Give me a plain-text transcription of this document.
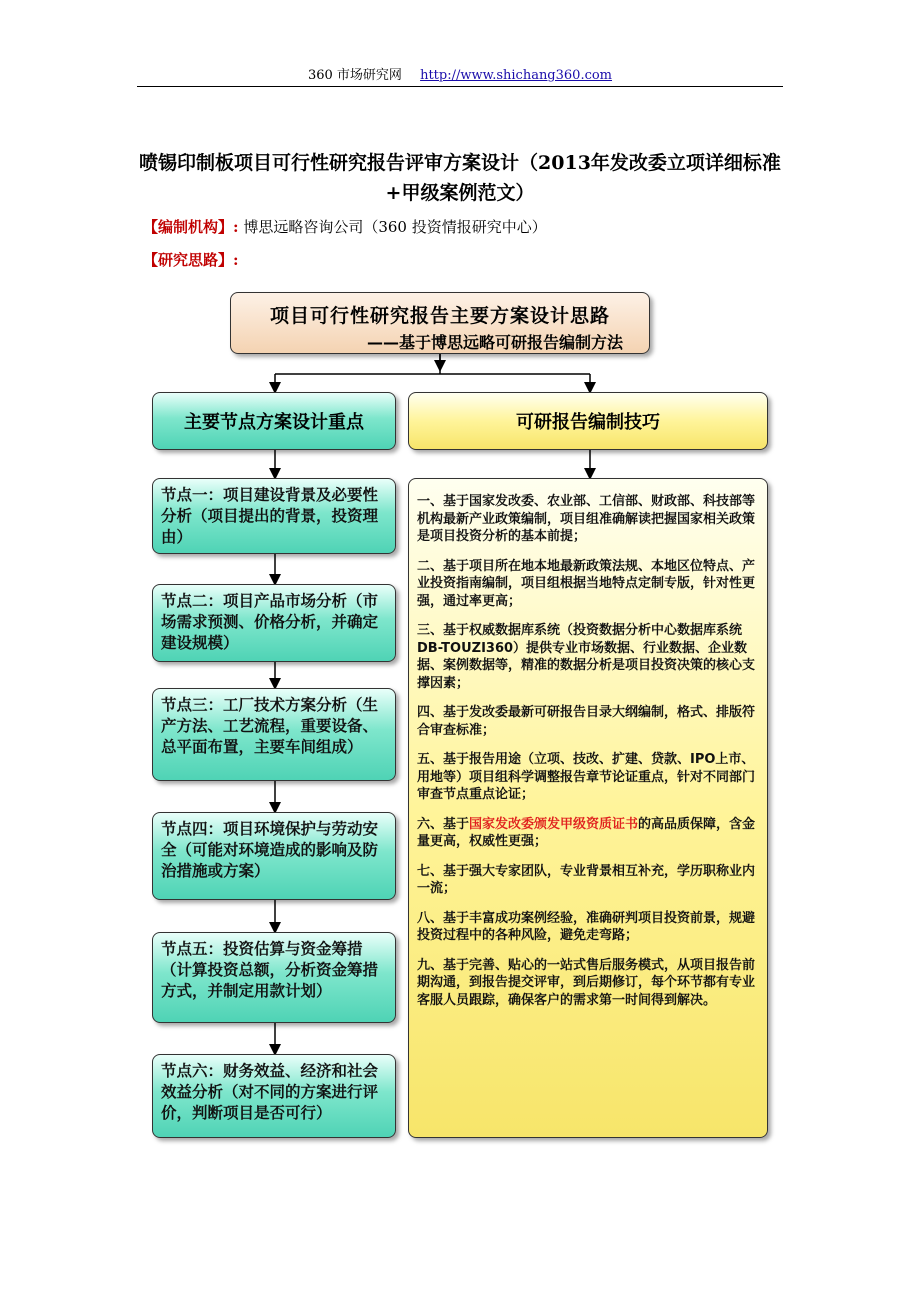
360 市场研究网 http://www.shichang360.com
喷锡印制板项目可行性研究报告评审方案设计（2013年发改委立项详细标准+甲级案例范文）
【编制机构】: 博思远略咨询公司（360 投资情报研究中心）
【研究思路】:
项目可行性研究报告主要方案设计思路
——基于博思远略可研报告编制方法
主要节点方案设计重点	可研报告编制技巧
节点一：项目建设背景及必要性分析（项目提出的背景，投资理由）
节点二：项目产品市场分析（市场需求预测、价格分析，并确定建设规模）
节点三：工厂技术方案分析（生产方法、工艺流程，重要设备、总平面布置，主要车间组成）
节点四：项目环境保护与劳动安全（可能对环境造成的影响及防治措施或方案）
节点五：投资估算与资金筹措（计算投资总额，分析资金筹措方式，并制定用款计划）
节点六：财务效益、经济和社会效益分析（对不同的方案进行评价，判断项目是否可行）

一、基于国家发改委、农业部、工信部、财政部、科技部等机构最新产业政策编制，项目组准确解读把握国家相关政策是项目投资分析的基本前提；

二、基于项目所在地本地最新政策法规、本地区位特点、产业投资指南编制，项目组根据当地特点定制专版，针对性更强，通过率更高；

三、基于权威数据库系统（投资数据分析中心数据库系统DB-TOUZI360）提供专业市场数据、行业数据、企业数据、案例数据等，精准的数据分析是项目投资决策的核心支撑因素；

四、基于发改委最新可研报告目录大纲编制，格式、排版符合审查标准；

五、基于报告用途（立项、技改、扩建、贷款、IPO上市、用地等）项目组科学调整报告章节论证重点，针对不同部门审查节点重点论证；

六、基于国家发改委颁发甲级资质证书的高品质保障，含金量更高，权威性更强；

七、基于强大专家团队，专业背景相互补充，学历职称业内一流；

八、基于丰富成功案例经验，准确研判项目投资前景，规避投资过程中的各种风险，避免走弯路；

九、基于完善、贴心的一站式售后服务模式，从项目报告前期沟通，到报告提交评审，到后期修订，每个环节都有专业客服人员跟踪，确保客户的需求第一时间得到解决。
